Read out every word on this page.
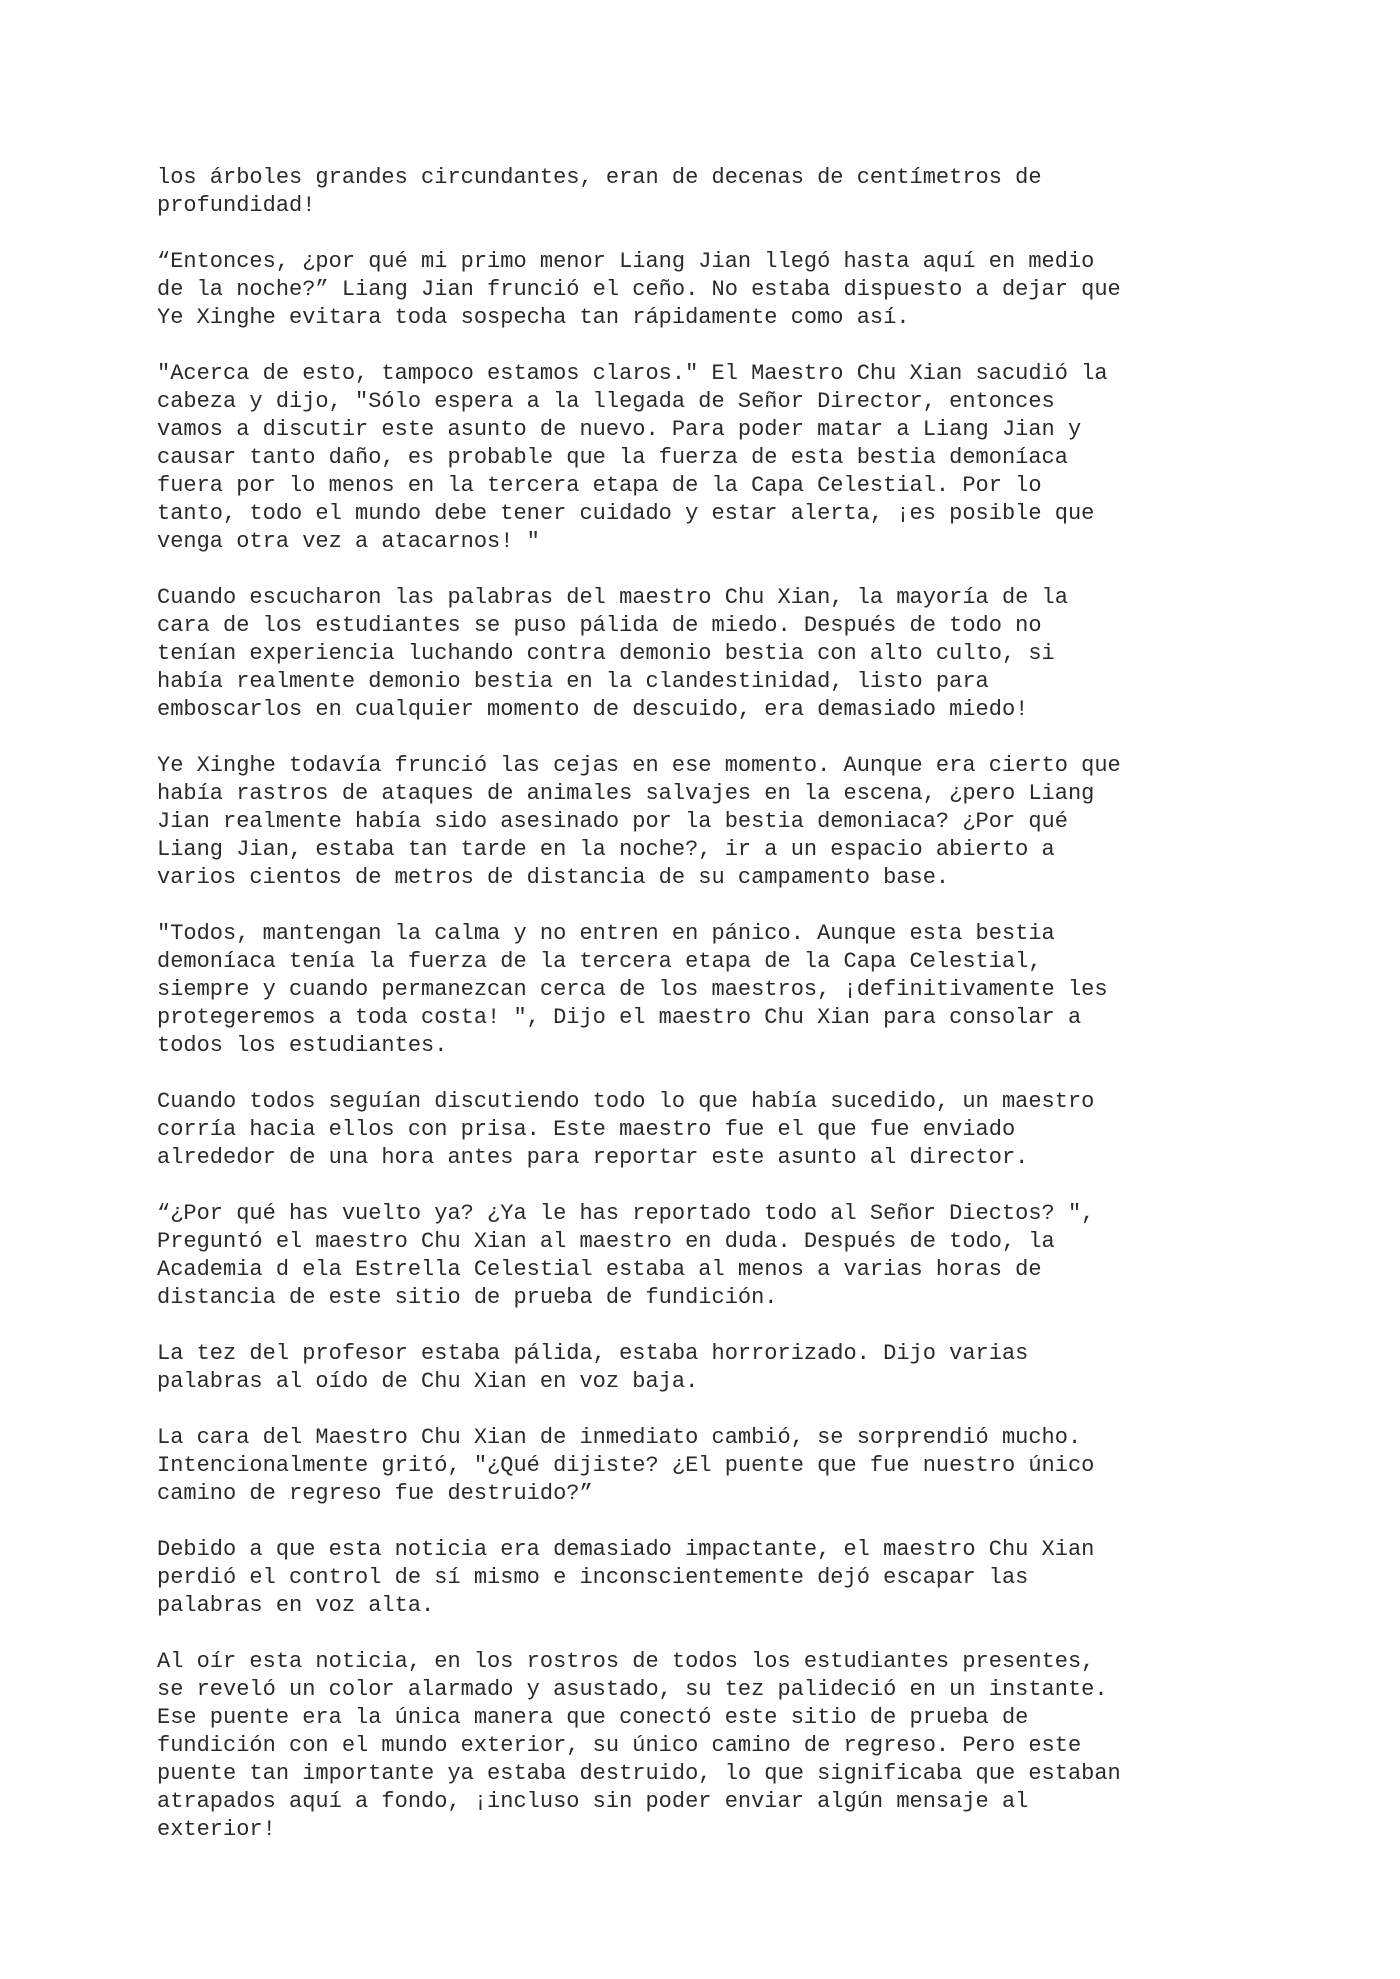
los árboles grandes circundantes, eran de decenas de centímetros de
profundidad!

“Entonces, ¿por qué mi primo menor Liang Jian llegó hasta aquí en medio
de la noche?” Liang Jian frunció el ceño. No estaba dispuesto a dejar que
Ye Xinghe evitara toda sospecha tan rápidamente como así.

"Acerca de esto, tampoco estamos claros." El Maestro Chu Xian sacudió la
cabeza y dijo, "Sólo espera a la llegada de Señor Director, entonces
vamos a discutir este asunto de nuevo. Para poder matar a Liang Jian y
causar tanto daño, es probable que la fuerza de esta bestia demoníaca
fuera por lo menos en la tercera etapa de la Capa Celestial. Por lo
tanto, todo el mundo debe tener cuidado y estar alerta, ¡es posible que
venga otra vez a atacarnos! "

Cuando escucharon las palabras del maestro Chu Xian, la mayoría de la
cara de los estudiantes se puso pálida de miedo. Después de todo no
tenían experiencia luchando contra demonio bestia con alto culto, si
había realmente demonio bestia en la clandestinidad, listo para
emboscarlos en cualquier momento de descuido, era demasiado miedo!

Ye Xinghe todavía frunció las cejas en ese momento. Aunque era cierto que
había rastros de ataques de animales salvajes en la escena, ¿pero Liang
Jian realmente había sido asesinado por la bestia demoniaca? ¿Por qué
Liang Jian, estaba tan tarde en la noche?, ir a un espacio abierto a
varios cientos de metros de distancia de su campamento base.

"Todos, mantengan la calma y no entren en pánico. Aunque esta bestia
demoníaca tenía la fuerza de la tercera etapa de la Capa Celestial,
siempre y cuando permanezcan cerca de los maestros, ¡definitivamente les
protegeremos a toda costa! ", Dijo el maestro Chu Xian para consolar a
todos los estudiantes.

Cuando todos seguían discutiendo todo lo que había sucedido, un maestro
corría hacia ellos con prisa. Este maestro fue el que fue enviado
alrededor de una hora antes para reportar este asunto al director.

“¿Por qué has vuelto ya? ¿Ya le has reportado todo al Señor Diectos? ",
Preguntó el maestro Chu Xian al maestro en duda. Después de todo, la
Academia d ela Estrella Celestial estaba al menos a varias horas de
distancia de este sitio de prueba de fundición.

La tez del profesor estaba pálida, estaba horrorizado. Dijo varias
palabras al oído de Chu Xian en voz baja.

La cara del Maestro Chu Xian de inmediato cambió, se sorprendió mucho.
Intencionalmente gritó, "¿Qué dijiste? ¿El puente que fue nuestro único
camino de regreso fue destruido?”

Debido a que esta noticia era demasiado impactante, el maestro Chu Xian
perdió el control de sí mismo e inconscientemente dejó escapar las
palabras en voz alta.

Al oír esta noticia, en los rostros de todos los estudiantes presentes,
se reveló un color alarmado y asustado, su tez palideció en un instante.
Ese puente era la única manera que conectó este sitio de prueba de
fundición con el mundo exterior, su único camino de regreso. Pero este
puente tan importante ya estaba destruido, lo que significaba que estaban
atrapados aquí a fondo, ¡incluso sin poder enviar algún mensaje al
exterior!
